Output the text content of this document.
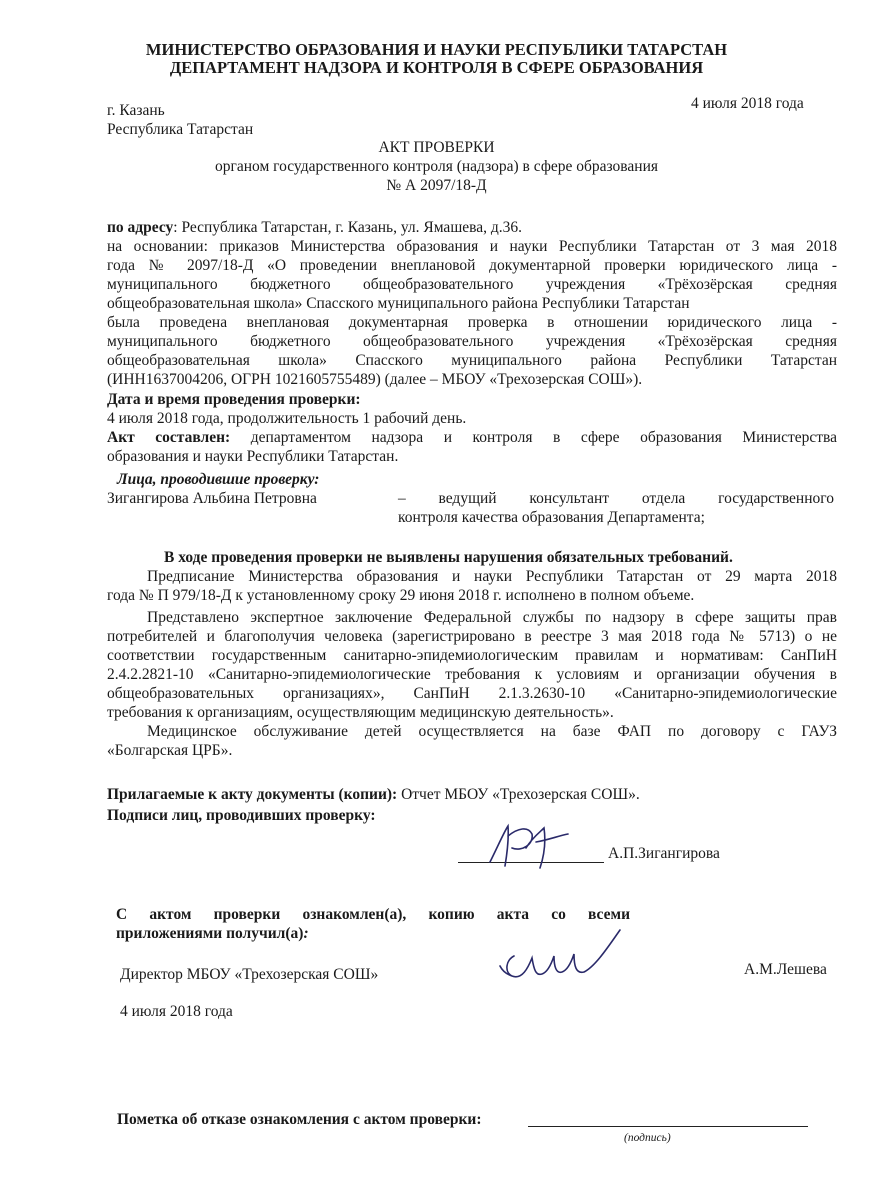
МИНИСТЕРСТВО ОБРАЗОВАНИЯ И НАУКИ РЕСПУБЛИКИ ТАТАРСТАН
ДЕПАРТАМЕНТ НАДЗОРА И КОНТРОЛЯ В СФЕРЕ ОБРАЗОВАНИЯ
г. Казань	4 июля 2018 года
Республика Татарстан
АКТ ПРОВЕРКИ
органом государственного контроля (надзора) в сфере образования
№ А 2097/18-Д
по адресу: Республика Татарстан, г. Казань, ул. Ямашева, д.36.
на основании: приказов Министерства образования и науки Республики Татарстан от 3 мая 2018
года № 2097/18-Д «О проведении внеплановой документарной проверки юридического лица -
муниципального бюджетного общеобразовательного учреждения «Трёхозёрская средняя
общеобразовательная школа» Спасского муниципального района Республики Татарстан
была проведена внеплановая документарная проверка в отношении юридического лица -
муниципального бюджетного общеобразовательного учреждения «Трёхозёрская средняя
общеобразовательная школа» Спасского муниципального района Республики Татарстан
(ИНН1637004206, ОГРН 1021605755489) (далее – МБОУ «Трехозерская СОШ»).
Дата и время проведения проверки:
4 июля 2018 года, продолжительность 1 рабочий день.
Акт составлен: департаментом надзора и контроля в сфере образования Министерства
образования и науки Республики Татарстан.
Лица, проводившие проверку:
Зигангирова Альбина Петровна	– ведущий консультант отдела государственного
контроля качества образования Департамента;
В ходе проведения проверки не выявлены нарушения обязательных требований.
Предписание Министерства образования и науки Республики Татарстан от 29 марта 2018
года № П 979/18-Д к установленному сроку 29 июня 2018 г. исполнено в полном объеме.
Представлено экспертное заключение Федеральной службы по надзору в сфере защиты прав
потребителей и благополучия человека (зарегистрировано в реестре 3 мая 2018 года № 5713) о не
соответствии государственным санитарно-эпидемиологическим правилам и нормативам: СанПиН
2.4.2.2821-10 «Санитарно-эпидемиологические требования к условиям и организации обучения в
общеобразовательных организациях», СанПиН 2.1.3.2630-10 «Санитарно-эпидемиологические
требования к организациям, осуществляющим медицинскую деятельность».
Медицинское обслуживание детей осуществляется на базе ФАП по договору с ГАУЗ
«Болгарская ЦРБ».
Прилагаемые к акту документы (копии): Отчет МБОУ «Трехозерская СОШ».
Подписи лиц, проводивших проверку:
А.П.Зигангирова
С актом проверки ознакомлен(а), копию акта со всеми
приложениями получил(а):
Директор МБОУ «Трехозерская СОШ»	А.М.Лешева
4 июля 2018 года
Пометка об отказе ознакомления с актом проверки:
(подпись)
